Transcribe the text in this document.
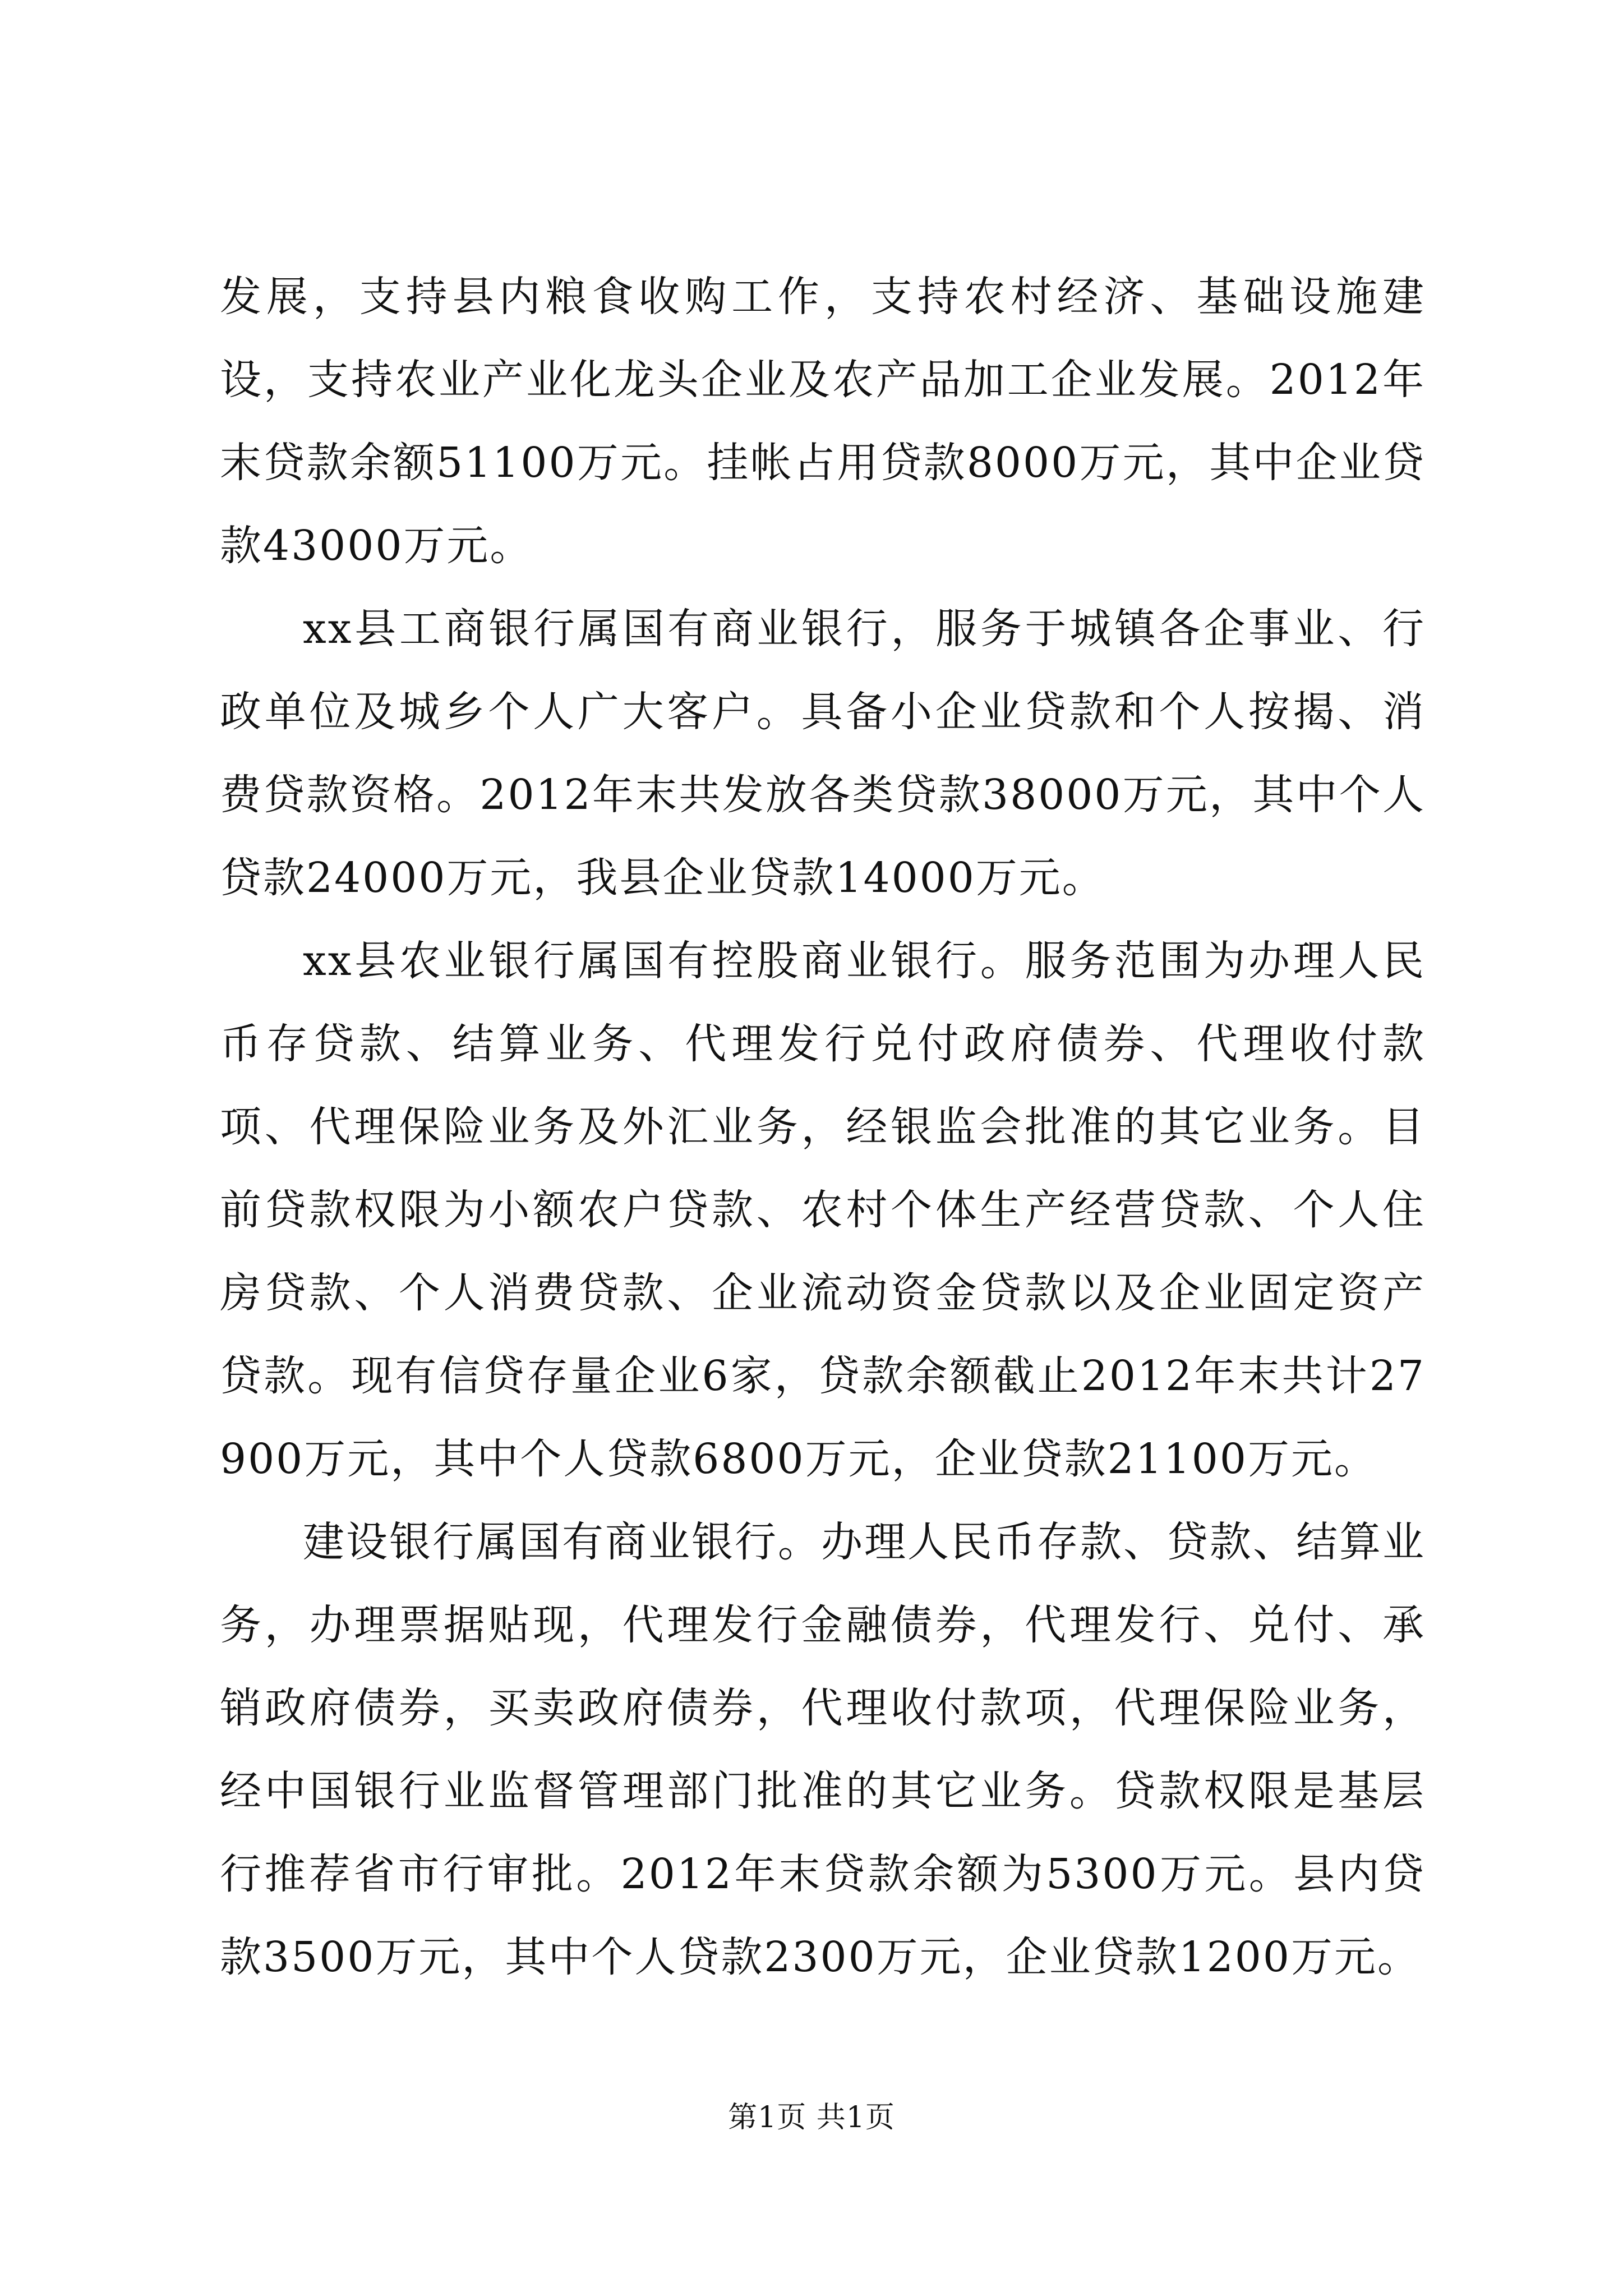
发展，支持县内粮食收购工作，支持农村经济、基础设施建设，支持农业产业化龙头企业及农产品加工企业发展。2012年末贷款余额51100万元。挂帐占用贷款8000万元，其中企业贷款43000万元。

xx县工商银行属国有商业银行，服务于城镇各企事业、行政单位及城乡个人广大客户。具备小企业贷款和个人按揭、消费贷款资格。2012年末共发放各类贷款38000万元，其中个人贷款24000万元，我县企业贷款14000万元。

xx县农业银行属国有控股商业银行。服务范围为办理人民币存贷款、结算业务、代理发行兑付政府债券、代理收付款项、代理保险业务及外汇业务，经银监会批准的其它业务。目前贷款权限为小额农户贷款、农村个体生产经营贷款、个人住房贷款、个人消费贷款、企业流动资金贷款以及企业固定资产贷款。现有信贷存量企业6家，贷款余额截止2012年末共计27900万元，其中个人贷款6800万元，企业贷款21100万元。

建设银行属国有商业银行。办理人民币存款、贷款、结算业务，办理票据贴现，代理发行金融债券，代理发行、兑付、承销政府债券，买卖政府债券，代理收付款项，代理保险业务，经中国银行业监督管理部门批准的其它业务。贷款权限是基层行推荐省市行审批。2012年末贷款余额为5300万元。县内贷款3500万元，其中个人贷款2300万元，企业贷款1200万元。

第1页 共1页
